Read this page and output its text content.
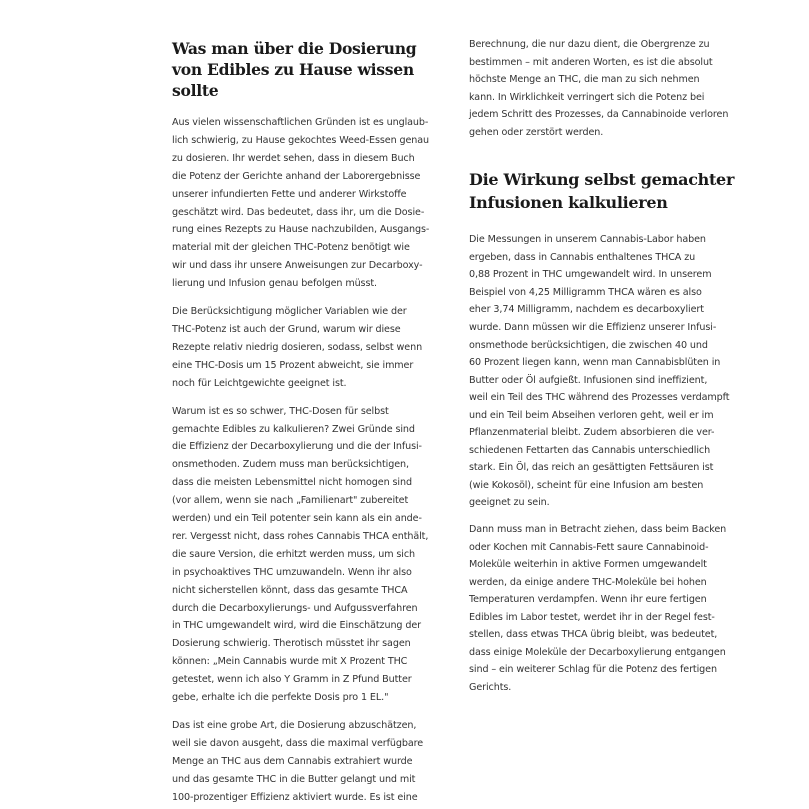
Was man über die Dosierung
von Edibles zu Hause wissen
sollte

Aus vielen wissenschaftlichen Gründen ist es unglaub-
lich schwierig, zu Hause gekochtes Weed-Essen genau
zu dosieren. Ihr werdet sehen, dass in diesem Buch
die Potenz der Gerichte anhand der Laborergebnisse
unserer infundierten Fette und anderer Wirkstoffe
geschätzt wird. Das bedeutet, dass ihr, um die Dosie-
rung eines Rezepts zu Hause nachzubilden, Ausgangs-
material mit der gleichen THC-Potenz benötigt wie
wir und dass ihr unsere Anweisungen zur Decarboxy-
lierung und Infusion genau befolgen müsst.

Die Berücksichtigung möglicher Variablen wie der
THC-Potenz ist auch der Grund, warum wir diese
Rezepte relativ niedrig dosieren, sodass, selbst wenn
eine THC-Dosis um 15 Prozent abweicht, sie immer
noch für Leichtgewichte geeignet ist.

Warum ist es so schwer, THC-Dosen für selbst
gemachte Edibles zu kalkulieren? Zwei Gründe sind
die Effizienz der Decarboxylierung und die der Infusi-
onsmethoden. Zudem muss man berücksichtigen,
dass die meisten Lebensmittel nicht homogen sind
(vor allem, wenn sie nach „Familienart" zubereitet
werden) und ein Teil potenter sein kann als ein ande-
rer. Vergesst nicht, dass rohes Cannabis THCA enthält,
die saure Version, die erhitzt werden muss, um sich
in psychoaktives THC umzuwandeln. Wenn ihr also
nicht sicherstellen könnt, dass das gesamte THCA
durch die Decarboxylierungs- und Aufgussverfahren
in THC umgewandelt wird, wird die Einschätzung der
Dosierung schwierig. Therotisch müsstet ihr sagen
können: „Mein Cannabis wurde mit X Prozent THC
getestet, wenn ich also Y Gramm in Z Pfund Butter
gebe, erhalte ich die perfekte Dosis pro 1 EL."

Das ist eine grobe Art, die Dosierung abzuschätzen,
weil sie davon ausgeht, dass die maximal verfügbare
Menge an THC aus dem Cannabis extrahiert wurde
und das gesamte THC in die Butter gelangt und mit
100-prozentiger Effizienz aktiviert wurde. Es ist eine

Berechnung, die nur dazu dient, die Obergrenze zu
bestimmen – mit anderen Worten, es ist die absolut
höchste Menge an THC, die man zu sich nehmen
kann. In Wirklichkeit verringert sich die Potenz bei
jedem Schritt des Prozesses, da Cannabinoide verloren
gehen oder zerstört werden.

Die Wirkung selbst gemachter
Infusionen kalkulieren

Die Messungen in unserem Cannabis-Labor haben
ergeben, dass in Cannabis enthaltenes THCA zu
0,88 Prozent in THC umgewandelt wird. In unserem
Beispiel von 4,25 Milligramm THCA wären es also
eher 3,74 Milligramm, nachdem es decarboxyliert
wurde. Dann müssen wir die Effizienz unserer Infusi-
onsmethode berücksichtigen, die zwischen 40 und
60 Prozent liegen kann, wenn man Cannabisblüten in
Butter oder Öl aufgießt. Infusionen sind ineffizient,
weil ein Teil des THC während des Prozesses verdampft
und ein Teil beim Abseihen verloren geht, weil er im
Pflanzenmaterial bleibt. Zudem absorbieren die ver-
schiedenen Fettarten das Cannabis unterschiedlich
stark. Ein Öl, das reich an gesättigten Fettsäuren ist
(wie Kokosöl), scheint für eine Infusion am besten
geeignet zu sein.

Dann muss man in Betracht ziehen, dass beim Backen
oder Kochen mit Cannabis-Fett saure Cannabinoid-
Moleküle weiterhin in aktive Formen umgewandelt
werden, da einige andere THC-Moleküle bei hohen
Temperaturen verdampfen. Wenn ihr eure fertigen
Edibles im Labor testet, werdet ihr in der Regel fest-
stellen, dass etwas THCA übrig bleibt, was bedeutet,
dass einige Moleküle der Decarboxylierung entgangen
sind – ein weiterer Schlag für die Potenz des fertigen
Gerichts.
